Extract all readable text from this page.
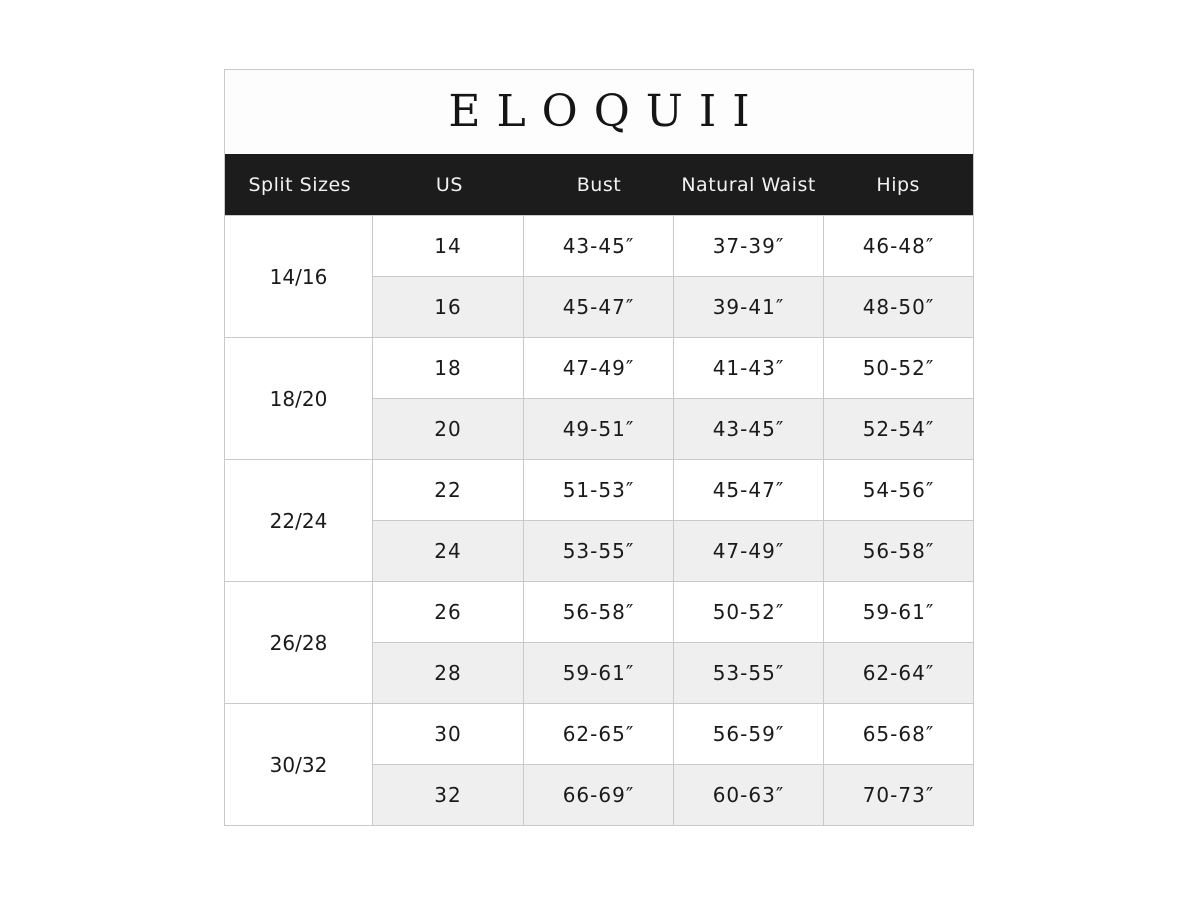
ELOQUII
Split Sizes	US	Bust	Natural Waist	Hips
14/16
14	43-45″	37-39″	46-48″
16	45-47″	39-41″	48-50″
18/20
18	47-49″	41-43″	50-52″
20	49-51″	43-45″	52-54″
22/24
22	51-53″	45-47″	54-56″
24	53-55″	47-49″	56-58″
26/28
26	56-58″	50-52″	59-61″
28	59-61″	53-55″	62-64″
30/32
30	62-65″	56-59″	65-68″
32	66-69″	60-63″	70-73″
